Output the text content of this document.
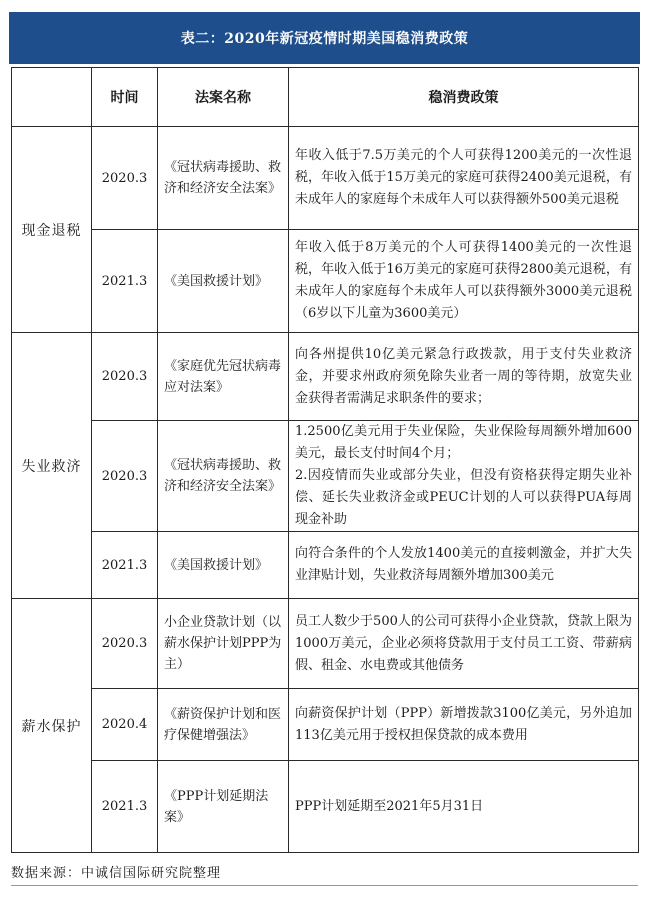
表二：2020年新冠疫情时期美国稳消费政策
	时间	法案名称	稳消费政策
现金退税	2020.3	《冠状病毒援助、救济和经济安全法案》	年收入低于7.5万美元的个人可获得1200美元的一次性退税，年收入低于15万美元的家庭可获得2400美元退税，有未成年人的家庭每个未成年人可以获得额外500美元退税

	2021.3	《美国救援计划》	年收入低于8万美元的个人可获得1400美元的一次性退税，年收入低于16万美元的家庭可获得2800美元退税，有未成年人的家庭每个未成年人可以获得额外3000美元退税（6岁以下儿童为3600美元）

失业救济	2020.3	《家庭优先冠状病毒应对法案》	向各州提供10亿美元紧急行政拨款，用于支付失业救济金，并要求州政府须免除失业者一周的等待期，放宽失业金获得者需满足求职条件的要求；

	2020.3	《冠状病毒援助、救济和经济安全法案》	1.2500亿美元用于失业保险，失业保险每周额外增加600美元，最长支付时间4个月；
2.因疫情而失业或部分失业，但没有资格获得定期失业补偿、延长失业救济金或PEUC计划的人可以获得PUA每周现金补助

	2021.3	《美国救援计划》	向符合条件的个人发放1400美元的直接刺激金，并扩大失业津贴计划，失业救济每周额外增加300美元

薪水保护	2020.3	小企业贷款计划（以薪水保护计划PPP为主）	员工人数少于500人的公司可获得小企业贷款，贷款上限为1000万美元，企业必须将贷款用于支付员工工资、带薪病假、租金、水电费或其他债务

	2020.4	《薪资保护计划和医疗保健增强法》	向薪资保护计划（PPP）新增拨款3100亿美元，另外追加113亿美元用于授权担保贷款的成本费用

	2021.3	《PPP计划延期法案》	PPP计划延期至2021年5月31日
数据来源：中诚信国际研究院整理
